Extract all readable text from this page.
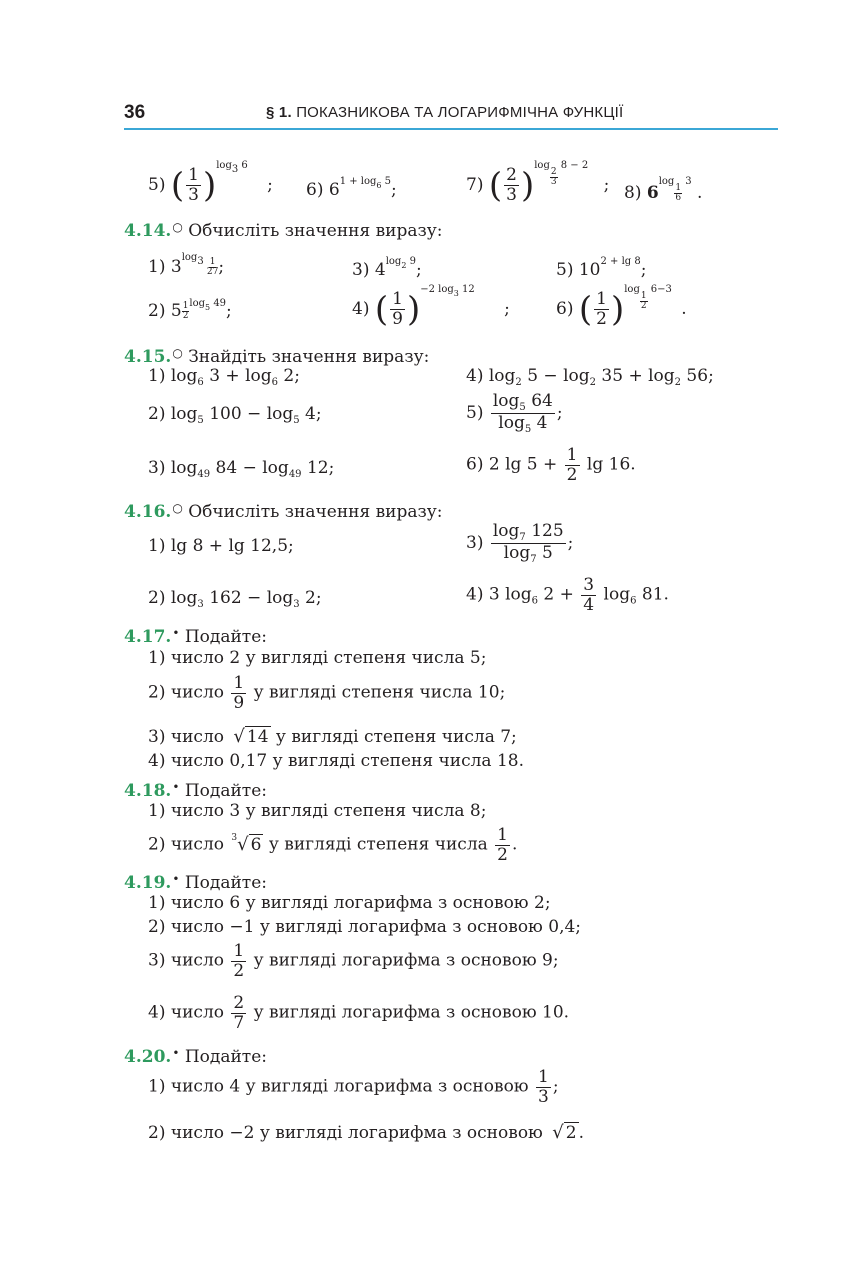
36	§ 1. ПОКАЗНИКОВА ТА ЛОГАРИФМІЧНА ФУНКЦІЇ
5) ( $\frac{1}{3} )^{log3 6}$ ; 6) $6^{1 + log_6 5}$;	7) ( $\frac{2}{3} )^{log \frac{2}{3} 8 - 2}$ ; 8) $6^{log \frac{1}{6} 3}$ .
4.14.○ Обчисліть значення виразу:
1) $3^{log3 \frac{1}{27}}$ ;	3) $4^{log_2 9}$;	5) $10^{2 + lg 8}$;
2) 5 $^{\frac{1}{2} log_5 49}$;	4) ( $\frac{1}{9} )^{-2 log_3 12}$ ;	6) ( $\frac{1}{2} )^{log \frac{1}{2} 6-3}$ .
4.15.○ Знайдіть значення виразу:
1) $\log_6 3 + \log_6 2$;	4) $\log_2 5 - \log_2 35 + \log_2 56$;
2) $\log_5 100 - \log_5 4$;	$5) \frac{\log_5 64}{\log_5 4}$ ;
3) $\log_{49} 84 - \log_{49} 12$;	6) 2 $\lg 5 + \frac{1}{2}$ lg 16.
4.16.○ Обчисліть значення виразу:
1) lg 8 + lg 12,5;	$3) \frac{\log_7 125}{\log_7 5}$ ;
2) $\log_3 162 - \log_3 2$;	4) 3 $\log_6 2 + \frac{3}{4} \log_6 81$.
4.17.• Подайте:
1) число 2 у вигляді степеня числа 5;
2) число $\frac{1}{9}$ у вигляді степеня числа 10;
3) число √ 14 у вигляді степеня числа 7;
4) число 0,17 у вигляді степеня числа 18.
4.18.• Подайте:
1) число 3 у вигляді степеня числа 8;
2) число $^3$√ 6 у вигляді степеня числа $\frac{1}{2}$ .
4.19.• Подайте:
1) число 6 у вигляді логарифма з основою 2;
2) число −1 у вигляді логарифма з основою 0,4;
3) число $\frac{1}{2}$ у вигляді логарифма з основою 9;
4) число $\frac{2}{7}$ у вигляді логарифма з основою 10.
4.20.• Подайте:
1) число 4 у вигляді логарифма з основою $\frac{1}{3}$ ;
2) число −2 у вигляді логарифма з основою √ 2 .
